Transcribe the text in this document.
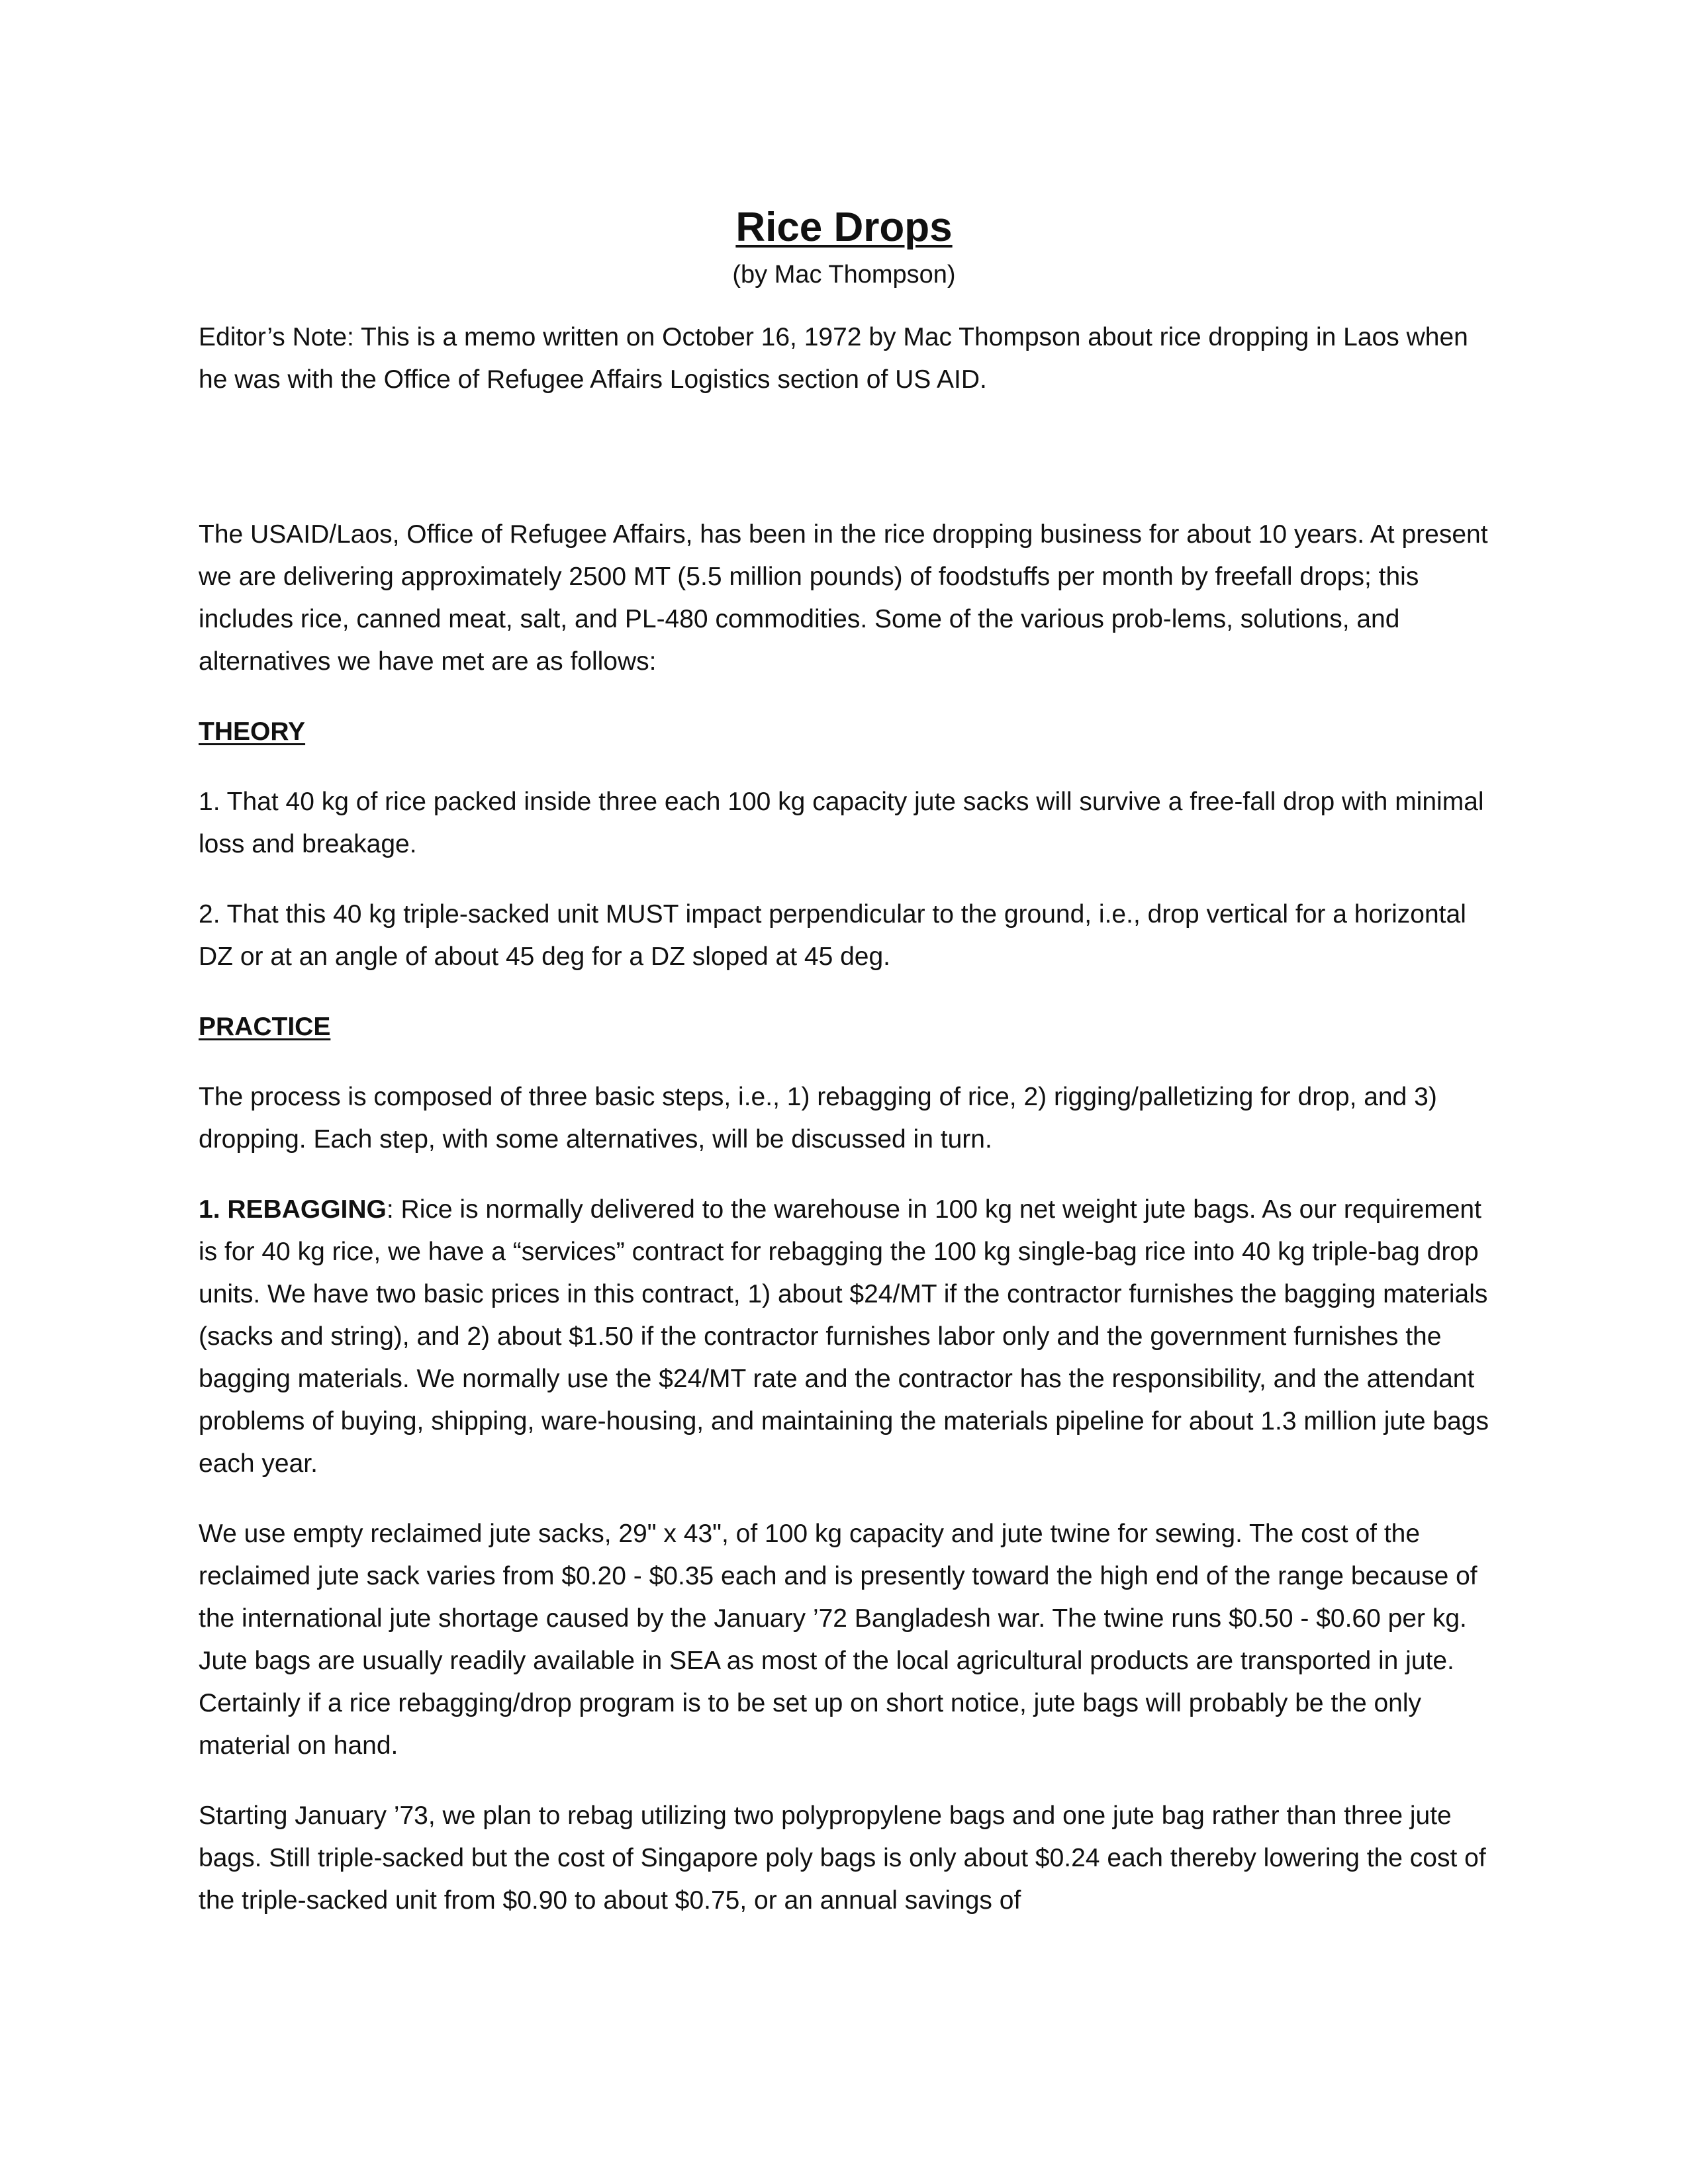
Rice Drops
(by Mac Thompson)

Editor’s Note: This is a memo written on October 16, 1972 by Mac Thompson about rice dropping in Laos when he was with the Office of Refugee Affairs Logistics section of US AID.

The USAID/Laos, Office of Refugee Affairs, has been in the rice dropping business for about 10 years. At present we are delivering approximately 2500 MT (5.5 million pounds) of foodstuffs per month by freefall drops; this includes rice, canned meat, salt, and PL-480 commodities. Some of the various prob-lems, solutions, and alternatives we have met are as follows:

THEORY

1. That 40 kg of rice packed inside three each 100 kg capacity jute sacks will survive a free-fall drop with minimal loss and breakage.

2. That this 40 kg triple-sacked unit MUST impact perpendicular to the ground, i.e., drop vertical for a horizontal DZ or at an angle of about 45 deg for a DZ sloped at 45 deg.

PRACTICE

The process is composed of three basic steps, i.e., 1) rebagging of rice, 2) rigging/palletizing for drop, and 3) dropping. Each step, with some alternatives, will be discussed in turn.

1. REBAGGING: Rice is normally delivered to the warehouse in 100 kg net weight jute bags. As our requirement is for 40 kg rice, we have a “services” contract for rebagging the 100 kg single-bag rice into 40 kg triple-bag drop units. We have two basic prices in this contract, 1) about $24/MT if the contractor furnishes the bagging materials (sacks and string), and 2) about $1.50 if the contractor furnishes labor only and the government furnishes the bagging materials. We normally use the $24/MT rate and the contractor has the responsibility, and the attendant problems of buying, shipping, ware-housing, and maintaining the materials pipeline for about 1.3 million jute bags each year.

We use empty reclaimed jute sacks, 29" x 43", of 100 kg capacity and jute twine for sewing. The cost of the reclaimed jute sack varies from $0.20 - $0.35 each and is presently toward the high end of the range because of the international jute shortage caused by the January ’72 Bangladesh war. The twine runs $0.50 - $0.60 per kg. Jute bags are usually readily available in SEA as most of the local agricultural products are transported in jute. Certainly if a rice rebagging/drop program is to be set up on short notice, jute bags will probably be the only material on hand.

Starting January ’73, we plan to rebag utilizing two polypropylene bags and one jute bag rather than three jute bags. Still triple-sacked but the cost of Singapore poly bags is only about $0.24 each thereby lowering the cost of the triple-sacked unit from $0.90 to about $0.75, or an annual savings of
